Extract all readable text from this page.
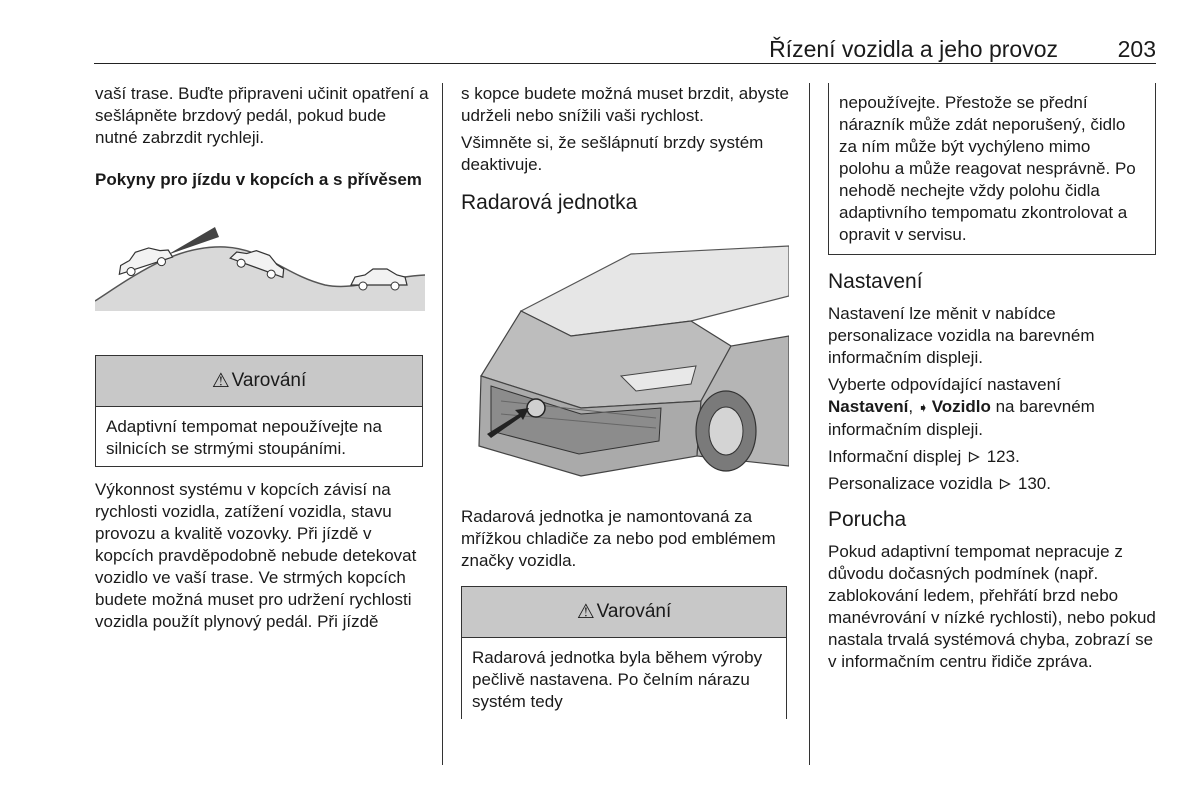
Řízení vozidla a jeho provoz	203

vaší trase. Buďte připraveni učinit opatření a sešlápněte brzdový pedál, pokud bude nutné zabrzdit rychleji.

Pokyny pro jízdu v kopcích a s přívěsem

⚠ Varování
Adaptivní tempomat nepoužívejte na silnicích se strmými stoupáními.

Výkonnost systému v kopcích závisí na rychlosti vozidla, zatížení vozidla, stavu provozu a kvalitě vozovky. Při jízdě v kopcích pravděpodobně nebude detekovat vozidlo ve vaší trase. Ve strmých kopcích budete možná muset pro udržení rychlosti vozidla použít plynový pedál. Při jízdě

s kopce budete možná muset brzdit, abyste udrželi nebo snížili vaši rychlost.

Všimněte si, že sešlápnutí brzdy systém deaktivuje.

Radarová jednotka

Radarová jednotka je namontovaná za mřížkou chladiče za nebo pod emblémem značky vozidla.

⚠ Varování
Radarová jednotka byla během výroby pečlivě nastavena. Po čelním nárazu systém tedy
nepoužívejte. Přestože se přední nárazník může zdát neporušený, čidlo za ním může být vychýleno mimo polohu a může reagovat nesprávně. Po nehodě nechejte vždy polohu čidla adaptivního tempomatu zkontrolovat a opravit v servisu.
Nastavení

Nastavení lze měnit v nabídce personalizace vozidla na barevném informačním displeji.

Vyberte odpovídající nastavení
Nastavení, ➧ Vozidlo na barevném informačním displeji.

Informační displej 123.

Personalizace vozidla 130.

Porucha

Pokud adaptivní tempomat nepracuje z důvodu dočasných podmínek (např. zablokování ledem, přehřátí brzd nebo manévrování v nízké rychlosti), nebo pokud nastala trvalá systémová chyba, zobrazí se v informačním centru řidiče zpráva.
